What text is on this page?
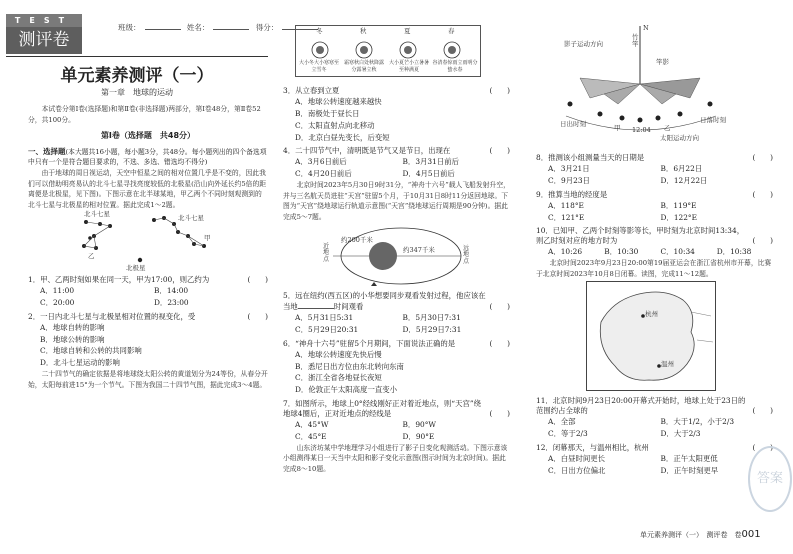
TEST
测评卷
班级：	姓名：	得分：
单元素养测评（一）
第一章　地球的运动

本试卷分第Ⅰ卷(选择题)和第Ⅱ卷(非选择题)两部分，第Ⅰ卷48分，第Ⅱ卷52分，共100分。

第Ⅰ卷（选择题　共48分）

一、选择题(本大题共16小题，每小题3分，共48分。每小题列出的四个备选项中只有一个是符合题目要求的，不选、多选、错选均不得分)

由于地球的周日视运动，天空中恒星之间的相对位置几乎是不变的，因此我们可以借助明亮易认的北斗七星寻找亮度较低的北极星(沿山向外延长约5倍的距离便是北极星，见下图)。下图示意在北半球某地，甲乙两个不同时刻观测到的北斗七星与北极星的相对位置。据此完成1～2题。

北斗七星
乙
北斗七星
甲
北极星
1．甲、乙两时刻如果在同一天，甲为17:00，则乙约为	(　　)
A．11:00	B．14:00
C．20:00	D．23:00
2．一日内北斗七星与北极星相对位置的视变化，受	(　　)
A．地球自转的影响
B．地球公转的影响
C．地球自转和公转的共同影响
D．北斗七星运动的影响

二十四节气的确定依据是将地球绕太阳公转的黄道划分为24等份，从春分开始，太阳每前进15°为一个节气。下图为我国二十四节气图，据此完成3～4题。

冬	秋	夏	春
大小冬大小寒寒至立雪冬
霜寒秋白处秋降露分露暑立秋
大小夏芒小立暑暑至种满夏
谷清春惊雨立雨明分蛰水春
3．从立春到立夏	(　　)
A．地球公转速度越来越快
B．南极处于昼长日
C．太阳直射点向北移动
D．北京白昼先变长，后变短
4．二十四节气中，清明既是节气又是节日，出现在	(　　)
A．3月6日前后	B．3月31日前后
C．4月20日前后	D．4月5日前后

北京时间2023年5月30日9时31分，“神舟十六号”载人飞船发射升空，并与三名航天员进驻“天宫”驻留5个月，于10月31日8时11分返回地球。下图为“天宫”绕地球运行轨道示意图(“天宫”绕地球运行周期是90分钟)。据此完成5～7题。

近地点
远地点
约200千米
约347千米
5．远在纽约(西五区)的小华想要同步观看发射过程，他应该在当地	时间观看	(　　)
A．5月31日5:31	B．5月30日7:31
C．5月29日20:31	D．5月29日7:31
6．“神舟十六号”驻留5个月期间，下面说法正确的是	(　　)
A．地球公转速度先快后慢
B．悉尼日出方位由东北转向东南
C．浙江全省各地昼长夜短
D．伦敦正午太阳高度一直变小
7．如图所示，地球上0°经线刚好正对着近地点，则“天宫”绕地球4圈后，正对近地点的经线是	(　　)
A．45°W	B．90°W
C．45°E	D．90°E

山东济坊某中学地理学习小组进行了影子日变化观测活动。下图示意该小组测得某日一天当中太阳和影子变化示意图(图示时间为北京时间)。据此完成8～10题。

N
竹竿
竿影
影子运动方向
太阳运动方向
日出时刻	日落时刻
甲 12:04 乙
8．推测该小组测量当天的日期是	(　　)
A．3月21日	B．6月22日
C．9月23日	D．12月22日
9．推算当地的经度是	(　　)
A．118°E	B．119°E
C．121°E	D．122°E
10．已知甲、乙两个时刻等影等长，甲时刻为北京时间13:34，则乙时刻对应的地方时为	(　　)
A．10:26	B．10:30	C．10:34	D．10:38

北京时间2023年9月23日20:00第19届亚运会在浙江省杭州市开幕，比赛于北京时间2023年10月8日闭幕。读图，完成11～12题。

杭州
温州
11．北京时间9月23日20:00开幕式开始时，地球上处于23日的范围约占全球的	(　　)
A．全部	B．大于1/2，小于2/3
C．等于2/3	D．大于2/3
12．闭幕那天，与温州相比，杭州	(　　)
A．白昼时间更长	B．正午太阳更低
C．日出方位偏北	D．正午时刻更早
答案
单元素养测评（一）　测评卷　卷001
